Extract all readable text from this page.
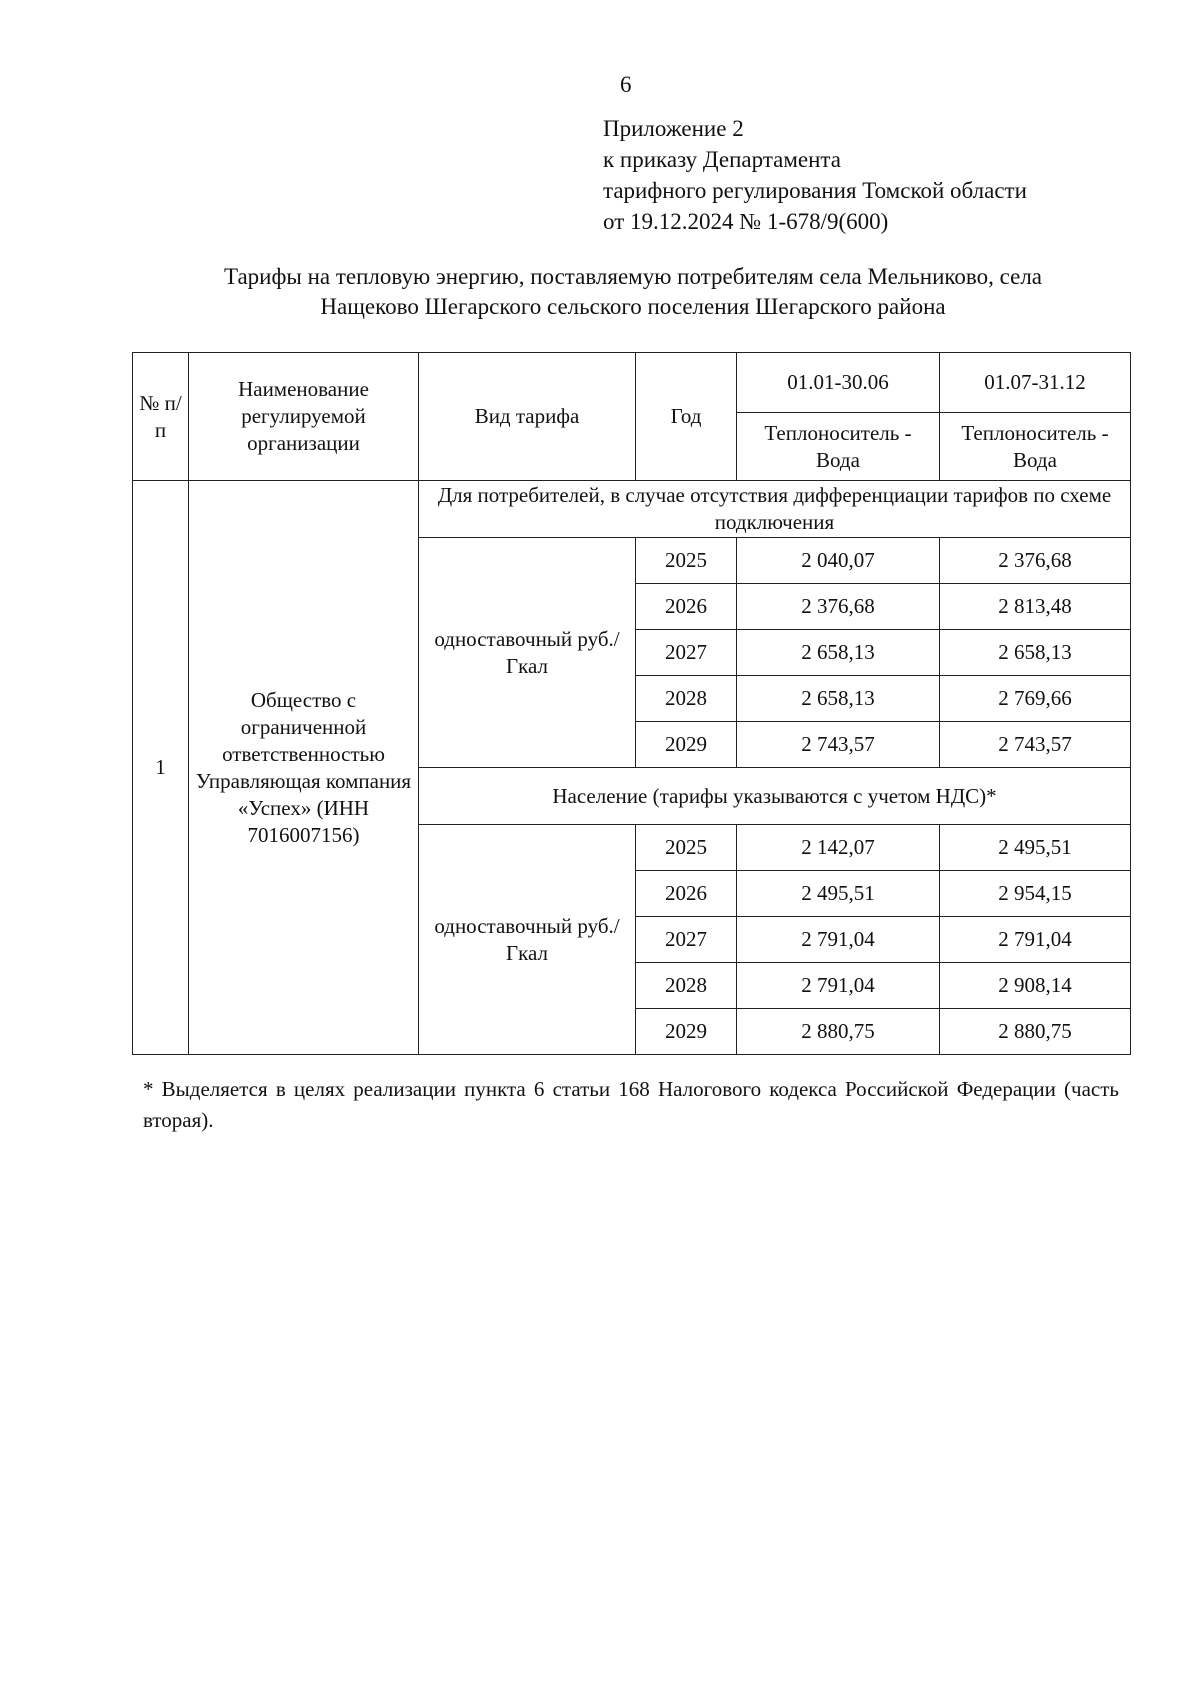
6
Приложение 2
к приказу Департамента
тарифного регулирования Томской области
от 19.12.2024 № 1-678/9(600)
Тарифы на тепловую энергию, поставляемую потребителям села Мельниково, села
Нащеково Шегарского сельского поселения Шегарского района
№ п/п	Наименование регулируемой организации	Вид тарифа	Год	01.01-30.06	01.07-31.12
				Теплоноситель - Вода	Теплоноситель - Вода
1	Общество с ограниченной ответственностью Управляющая компания «Успех» (ИНН 7016007156)	Для потребителей, в случае отсутствия дифференциации тарифов по схеме подключения			
		одноставочный руб./Гкал	2025	2 040,07	2 376,68
			2026	2 376,68	2 813,48
			2027	2 658,13	2 658,13
			2028	2 658,13	2 769,66
			2029	2 743,57	2 743,57
		Население (тарифы указываются с учетом НДС)*			
		одноставочный руб./Гкал	2025	2 142,07	2 495,51
			2026	2 495,51	2 954,15
			2027	2 791,04	2 791,04
			2028	2 791,04	2 908,14
			2029	2 880,75	2 880,75
* Выделяется в целях реализации пункта 6 статьи 168 Налогового кодекса Российской Федерации (часть вторая).
